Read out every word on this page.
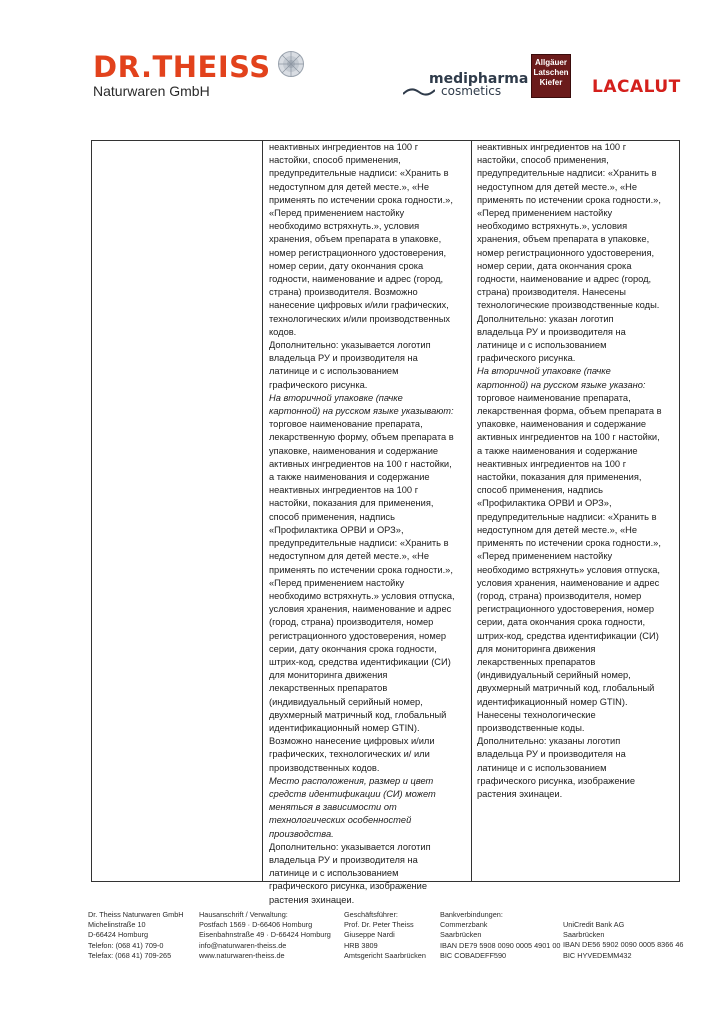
DR.THEISS
Naturwaren GmbH
medipharma
cosmetics
Allgäuer
Latschen
Kiefer	LACALUT
неактивных ингредиентов на 100 г
настойки, способ применения,
предупредительные надписи: «Хранить в
недоступном для детей месте.», «Не
применять по истечении срока годности.»,
«Перед применением настойку
необходимо встряхнуть.», условия
хранения, объем препарата в упаковке,
номер регистрационного удостоверения,
номер серии, дату окончания срока
годности, наименование и адрес (город,
страна) производителя. Возможно
нанесение цифровых и/или графических,
технологических и/или производственных
кодов.
Дополнительно: указывается логотип
владельца РУ и производителя на
латинице и с использованием
графического рисунка.
На вторичной упаковке (пачке
картонной) на русском языке указывают:
торговое наименование препарата,
лекарственную форму, объем препарата в
упаковке, наименования и содержание
активных ингредиентов на 100 г настойки,
а также наименования и содержание
неактивных ингредиентов на 100 г
настойки, показания для применения,
способ применения, надпись
«Профилактика ОРВИ и ОРЗ»,
предупредительные надписи: «Хранить в
недоступном для детей месте.», «Не
применять по истечении срока годности.»,
«Перед применением настойку
необходимо встряхнуть.» условия отпуска,
условия хранения, наименование и адрес
(город, страна) производителя, номер
регистрационного удостоверения, номер
серии, дату окончания срока годности,
штрих-код, средства идентификации (СИ)
для мониторинга движения
лекарственных препаратов
(индивидуальный серийный номер,
двухмерный матричный код, глобальный
идентификационный номер GTIN).
Возможно нанесение цифровых и/или
графических, технологических и/ или
производственных кодов.
Место расположения, размер и цвет
средств идентификации (СИ) может
меняться в зависимости от
технологических особенностей
производства.
Дополнительно: указывается логотип
владельца РУ и производителя на
латинице и с использованием
графического рисунка, изображение
растения эхинацеи.
неактивных ингредиентов на 100 г
настойки, способ применения,
предупредительные надписи: «Хранить в
недоступном для детей месте.», «Не
применять по истечении срока годности.»,
«Перед применением настойку
необходимо встряхнуть.», условия
хранения, объем препарата в упаковке,
номер регистрационного удостоверения,
номер серии, дата окончания срока
годности, наименование и адрес (город,
страна) производителя. Нанесены
технологические производственные коды.
Дополнительно: указан логотип
владельца РУ и производителя на
латинице и с использованием
графического рисунка.
На вторичной упаковке (пачке
картонной) на русском языке указано:
торговое наименование препарата,
лекарственная форма, объем препарата в
упаковке, наименования и содержание
активных ингредиентов на 100 г настойки,
а также наименования и содержание
неактивных ингредиентов на 100 г
настойки, показания для применения,
способ применения, надпись
«Профилактика ОРВИ и ОРЗ»,
предупредительные надписи: «Хранить в
недоступном для детей месте.», «Не
применять по истечении срока годности.»,
«Перед применением настойку
необходимо встряхнуть» условия отпуска,
условия хранения, наименование и адрес
(город, страна) производителя, номер
регистрационного удостоверения, номер
серии, дата окончания срока годности,
штрих-код, средства идентификации (СИ)
для мониторинга движения
лекарственных препаратов
(индивидуальный серийный номер,
двухмерный матричный код, глобальный
идентификационный номер GTIN).
Нанесены технологические
производственные коды.
Дополнительно: указаны логотип
владельца РУ и производителя на
латинице и с использованием
графического рисунка, изображение
растения эхинацеи.
Dr. Theiss Naturwaren GmbH
Michelinstraße 10
D-66424 Homburg
Telefon: (068 41) 709-0
Telefax: (068 41) 709-265
Hausanschrift / Verwaltung:
Postfach 1569 · D-66406 Homburg
Eisenbahnstraße 49 · D-66424 Homburg
info@naturwaren-theiss.de
www.naturwaren-theiss.de
Geschäftsführer:
Prof. Dr. Peter Theiss
Giuseppe Nardi
HRB 3809
Amtsgericht Saarbrücken
Bankverbindungen:
Commerzbank
Saarbrücken
IBAN DE79 5908 0090 0005 4901 00
BIC COBADEFF590
UniCredit Bank AG
Saarbrücken
IBAN DE56 5902 0090 0005 8366 46
BIC HYVEDEMM432
